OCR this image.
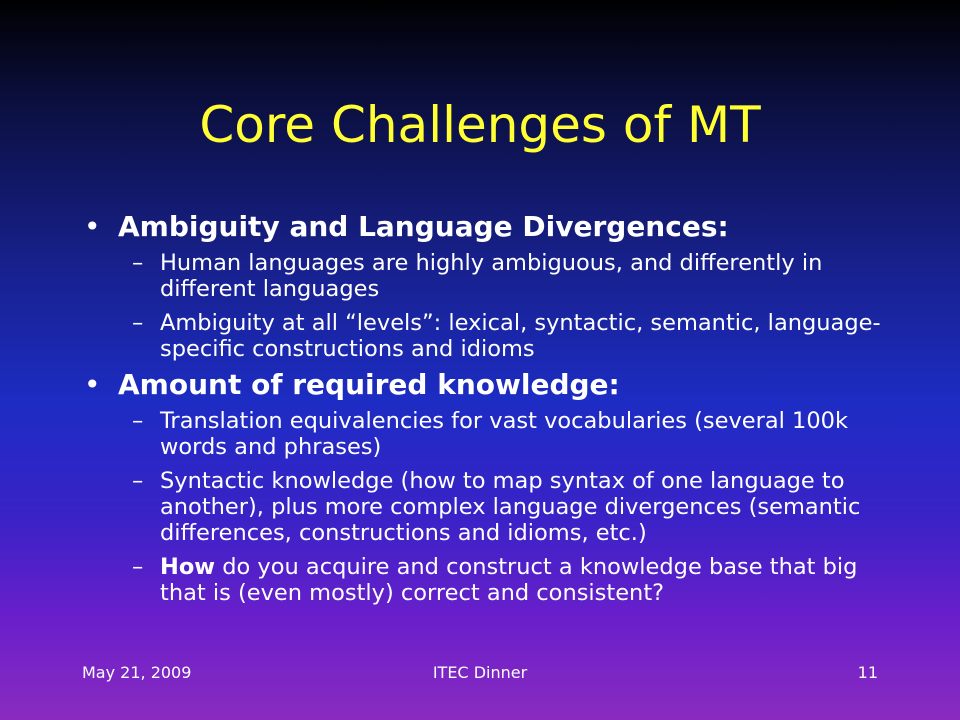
Core Challenges of MT
• Ambiguity and Language Divergences:
– Human languages are highly ambiguous, and differently in different languages
– Ambiguity at all “levels”: lexical, syntactic, semantic, language-specific constructions and idioms
• Amount of required knowledge:
– Translation equivalencies for vast vocabularies (several 100k words and phrases)
– Syntactic knowledge (how to map syntax of one language to another), plus more complex language divergences (semantic differences, constructions and idioms, etc.)
– How do you acquire and construct a knowledge base that big that is (even mostly) correct and consistent?
May 21, 2009	ITEC Dinner	11
